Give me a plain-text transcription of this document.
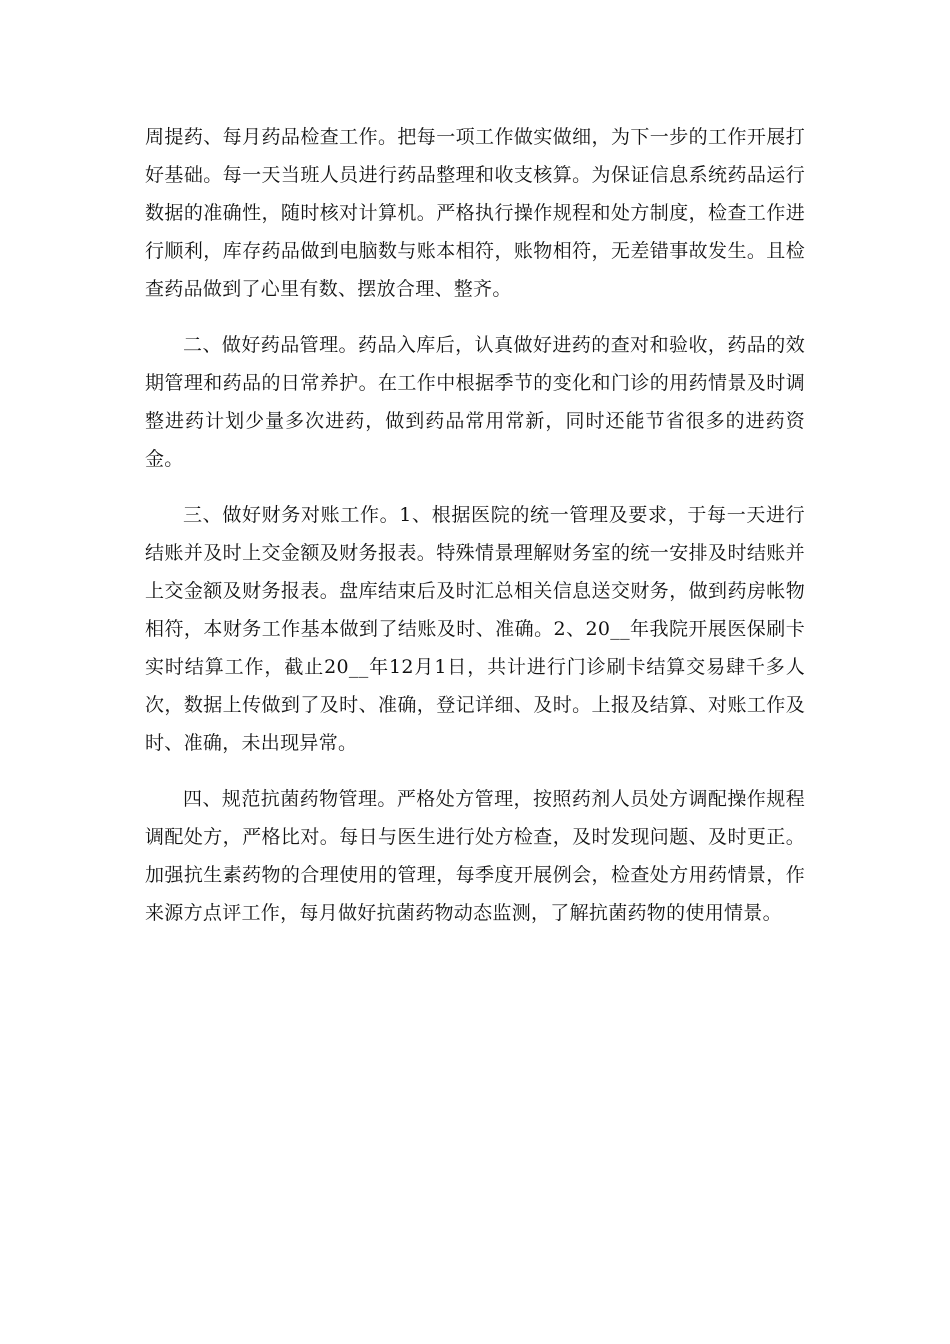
周提药、每月药品检查工作。把每一项工作做实做细，为下一步的工作开展打好基础。每一天当班人员进行药品整理和收支核算。为保证信息系统药品运行数据的准确性，随时核对计算机。严格执行操作规程和处方制度，检查工作进行顺利，库存药品做到电脑数与账本相符，账物相符，无差错事故发生。且检查药品做到了心里有数、摆放合理、整齐。

二、做好药品管理。药品入库后，认真做好进药的查对和验收，药品的效期管理和药品的日常养护。在工作中根据季节的变化和门诊的用药情景及时调整进药计划少量多次进药，做到药品常用常新，同时还能节省很多的进药资金。

三、做好财务对账工作。1、根据医院的统一管理及要求，于每一天进行结账并及时上交金额及财务报表。特殊情景理解财务室的统一安排及时结账并上交金额及财务报表。盘库结束后及时汇总相关信息送交财务，做到药房帐物相符，本财务工作基本做到了结账及时、准确。2、20__年我院开展医保刷卡实时结算工作，截止20__年12月1日，共计进行门诊刷卡结算交易肆千多人次，数据上传做到了及时、准确，登记详细、及时。上报及结算、对账工作及时、准确，未出现异常。

四、规范抗菌药物管理。严格处方管理，按照药剂人员处方调配操作规程调配处方，严格比对。每日与医生进行处方检查，及时发现问题、及时更正。加强抗生素药物的合理使用的管理，每季度开展例会，检查处方用药情景，作来源方点评工作，每月做好抗菌药物动态监测，了解抗菌药物的使用情景。
